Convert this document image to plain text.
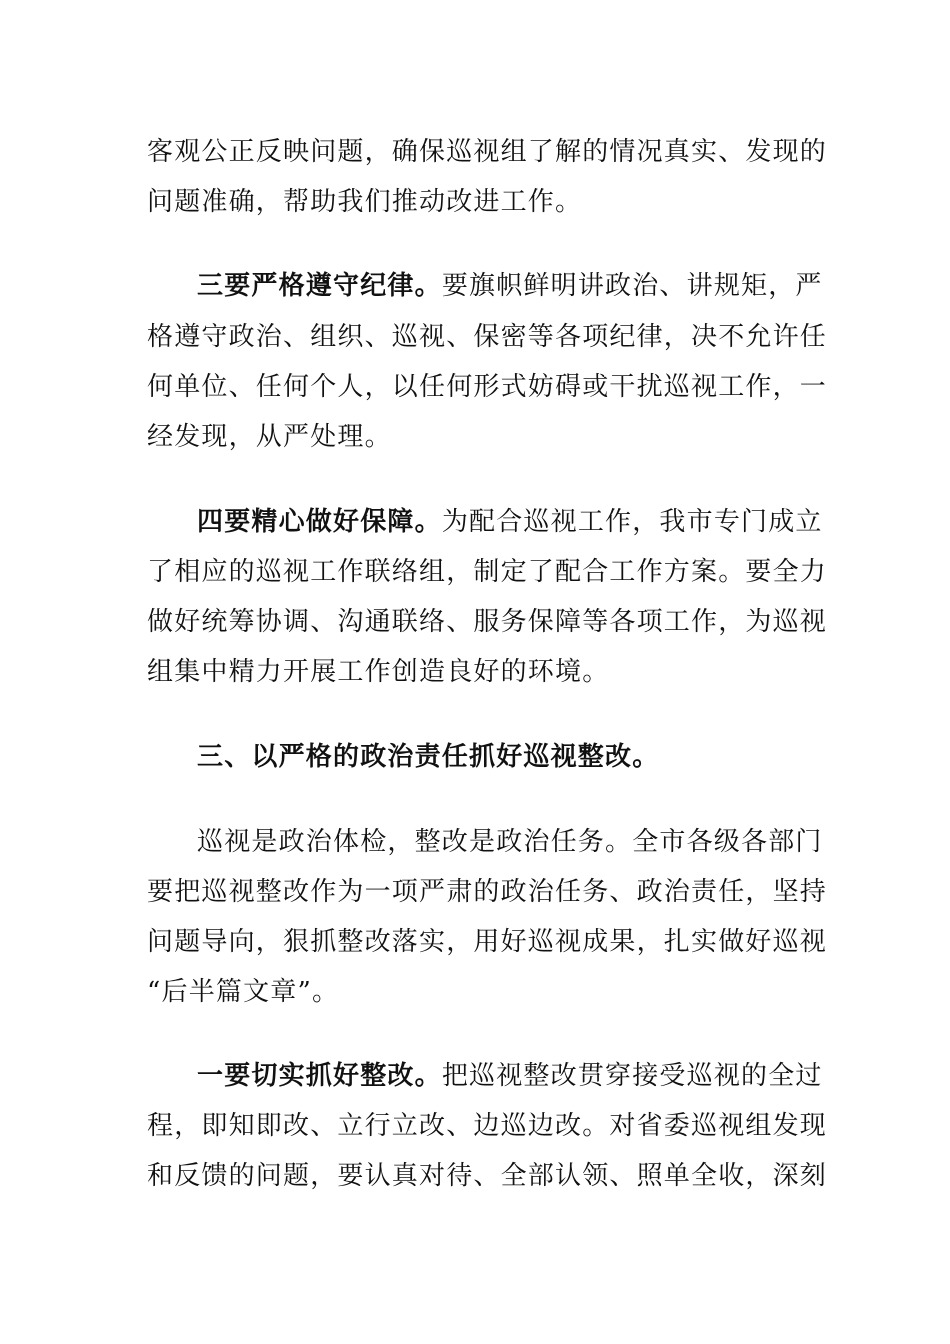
客观公正反映问题，确保巡视组了解的情况真实、发现的
问题准确，帮助我们推动改进工作。
三要严格遵守纪律。要旗帜鲜明讲政治、讲规矩，严
格遵守政治、组织、巡视、保密等各项纪律，决不允许任
何单位、任何个人，以任何形式妨碍或干扰巡视工作，一
经发现，从严处理。
四要精心做好保障。为配合巡视工作，我市专门成立
了相应的巡视工作联络组，制定了配合工作方案。要全力
做好统筹协调、沟通联络、服务保障等各项工作，为巡视
组集中精力开展工作创造良好的环境。
三、以严格的政治责任抓好巡视整改。
巡视是政治体检，整改是政治任务。全市各级各部门
要把巡视整改作为一项严肃的政治任务、政治责任，坚持
问题导向，狠抓整改落实，用好巡视成果，扎实做好巡视
“后半篇文章”。
一要切实抓好整改。把巡视整改贯穿接受巡视的全过
程，即知即改、立行立改、边巡边改。对省委巡视组发现
和反馈的问题，要认真对待、全部认领、照单全收，深刻
